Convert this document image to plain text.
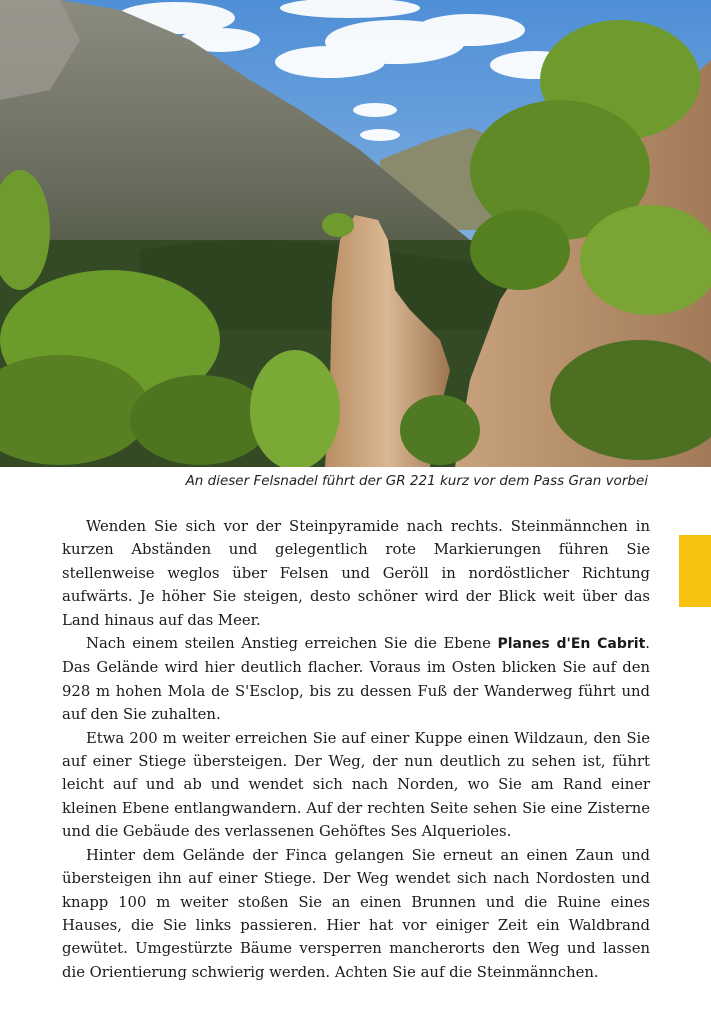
An dieser Felsnadel führt der GR 221 kurz vor dem Pass Gran vorbei

Wenden Sie sich vor der Steinpyramide nach rechts. Steinmännchen in kurzen Abständen und gelegentlich rote Markierungen führen Sie stellenweise weglos über Felsen und Geröll in nordöstlicher Richtung aufwärts. Je höher Sie steigen, desto schöner wird der Blick weit über das Land hinaus auf das Meer.

Nach einem steilen Anstieg erreichen Sie die Ebene Planes d'En Cabrit. Das Gelände wird hier deutlich flacher. Voraus im Osten blicken Sie auf den 928 m hohen Mola de S'Esclop, bis zu dessen Fuß der Wanderweg führt und auf den Sie zuhalten.

Etwa 200 m weiter erreichen Sie auf einer Kuppe einen Wildzaun, den Sie auf einer Stiege übersteigen. Der Weg, der nun deutlich zu sehen ist, führt leicht auf und ab und wendet sich nach Norden, wo Sie am Rand einer kleinen Ebene entlangwandern. Auf der rechten Seite sehen Sie eine Zisterne und die Gebäude des verlassenen Gehöftes Ses Alquerioles.

Hinter dem Gelände der Finca gelangen Sie erneut an einen Zaun und übersteigen ihn auf einer Stiege. Der Weg wendet sich nach Nordosten und knapp 100 m weiter stoßen Sie an einen Brunnen und die Ruine eines Hauses, die Sie links passieren. Hier hat vor einiger Zeit ein Waldbrand gewütet. Umgestürzte Bäume versperren mancherorts den Weg und lassen die Orientierung schwierig werden. Achten Sie auf die Steinmännchen.
